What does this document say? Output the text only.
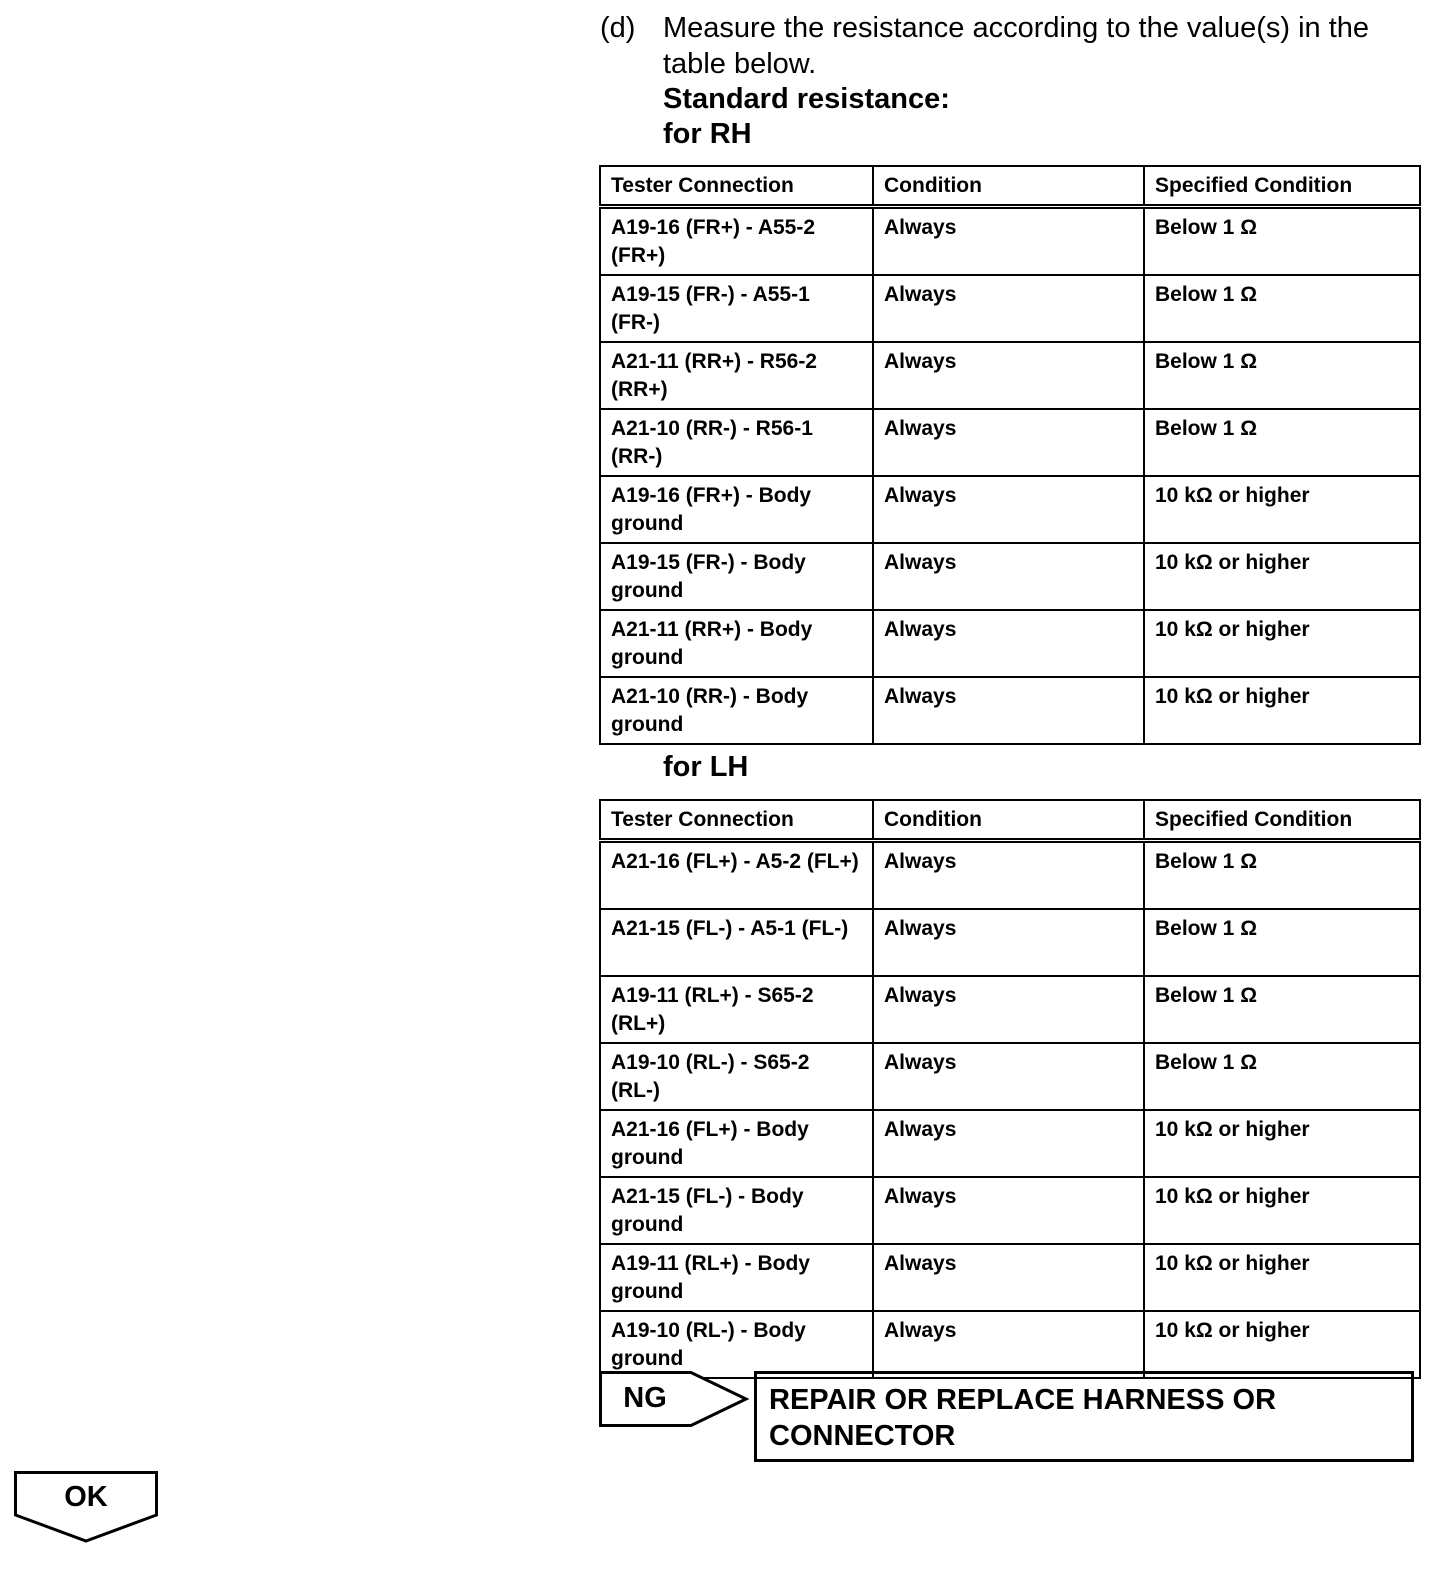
(d) Measure the resistance according to the value(s) in the table below.
Standard resistance:
for RH
Tester Connection	Condition	Specified Condition
A19-16 (FR+) - A55-2 (FR+)	Always	Below 1 Ω
A19-15 (FR-) - A55-1 (FR-)	Always	Below 1 Ω
A21-11 (RR+) - R56-2 (RR+)	Always	Below 1 Ω
A21-10 (RR-) - R56-1 (RR-)	Always	Below 1 Ω
A19-16 (FR+) - Body ground	Always	10 kΩ or higher
A19-15 (FR-) - Body ground	Always	10 kΩ or higher
A21-11 (RR+) - Body ground	Always	10 kΩ or higher
A21-10 (RR-) - Body ground	Always	10 kΩ or higher
for LH
Tester Connection	Condition	Specified Condition
A21-16 (FL+) - A5-2 (FL+)	Always	Below 1 Ω
A21-15 (FL-) - A5-1 (FL-)	Always	Below 1 Ω
A19-11 (RL+) - S65-2 (RL+)	Always	Below 1 Ω
A19-10 (RL-) - S65-2 (RL-)	Always	Below 1 Ω
A21-16 (FL+) - Body ground	Always	10 kΩ or higher
A21-15 (FL-) - Body ground	Always	10 kΩ or higher
A19-11 (RL+) - Body ground	Always	10 kΩ or higher
A19-10 (RL-) - Body ground	Always	10 kΩ or higher
NG	REPAIR OR REPLACE HARNESS OR CONNECTOR
OK
